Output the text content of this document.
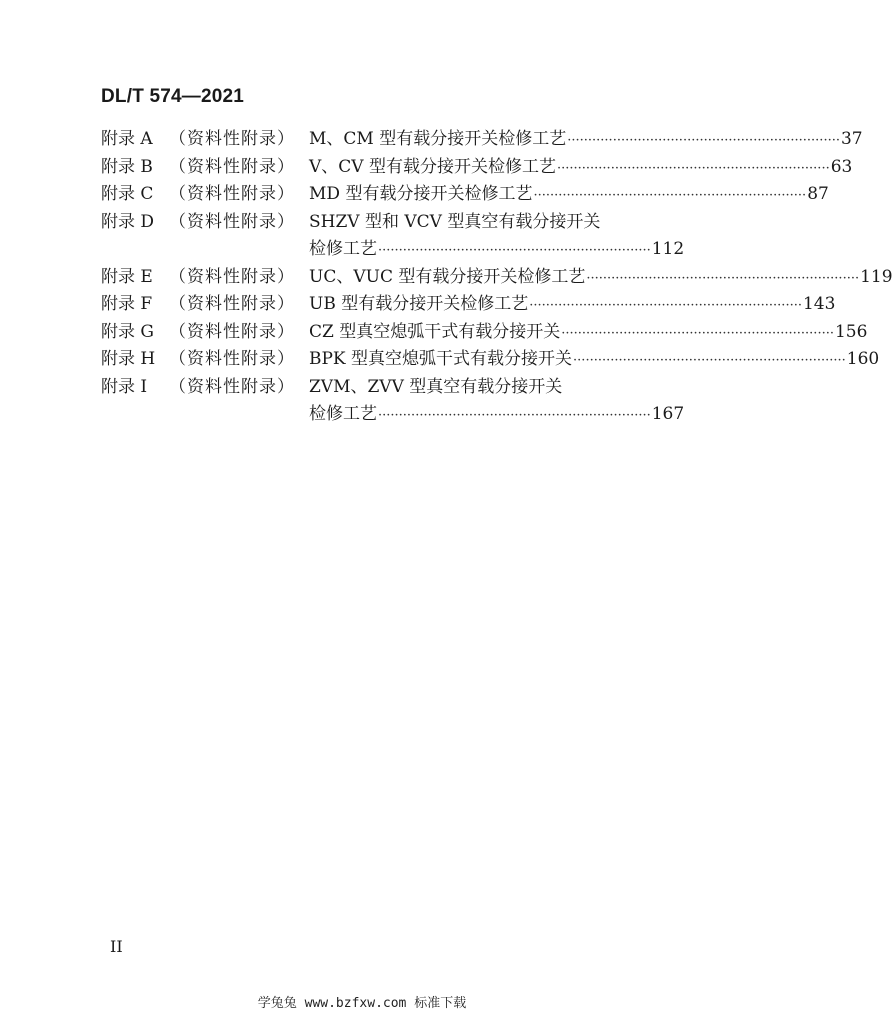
DL/T 574—2021
附录 A （资料性附录） M、CM 型有载分接开关检修工艺 ·································································· 37
附录 B （资料性附录） V、CV 型有载分接开关检修工艺 ·································································· 63
附录 C （资料性附录） MD 型有载分接开关检修工艺 ·································································· 87
附录 D （资料性附录） SHZV 型和 VCV 型真空有载分接开关
检修工艺 ·································································· 112
附录 E （资料性附录） UC、VUC 型有载分接开关检修工艺 ·································································· 119
附录 F （资料性附录） UB 型有载分接开关检修工艺 ·································································· 143
附录 G （资料性附录） CZ 型真空熄弧干式有载分接开关 ·································································· 156
附录 H （资料性附录） BPK 型真空熄弧干式有载分接开关 ·································································· 160
附录 I （资料性附录） ZVM、ZVV 型真空有载分接开关
检修工艺 ·································································· 167
II
学兔兔 www.bzfxw.com 标准下载
